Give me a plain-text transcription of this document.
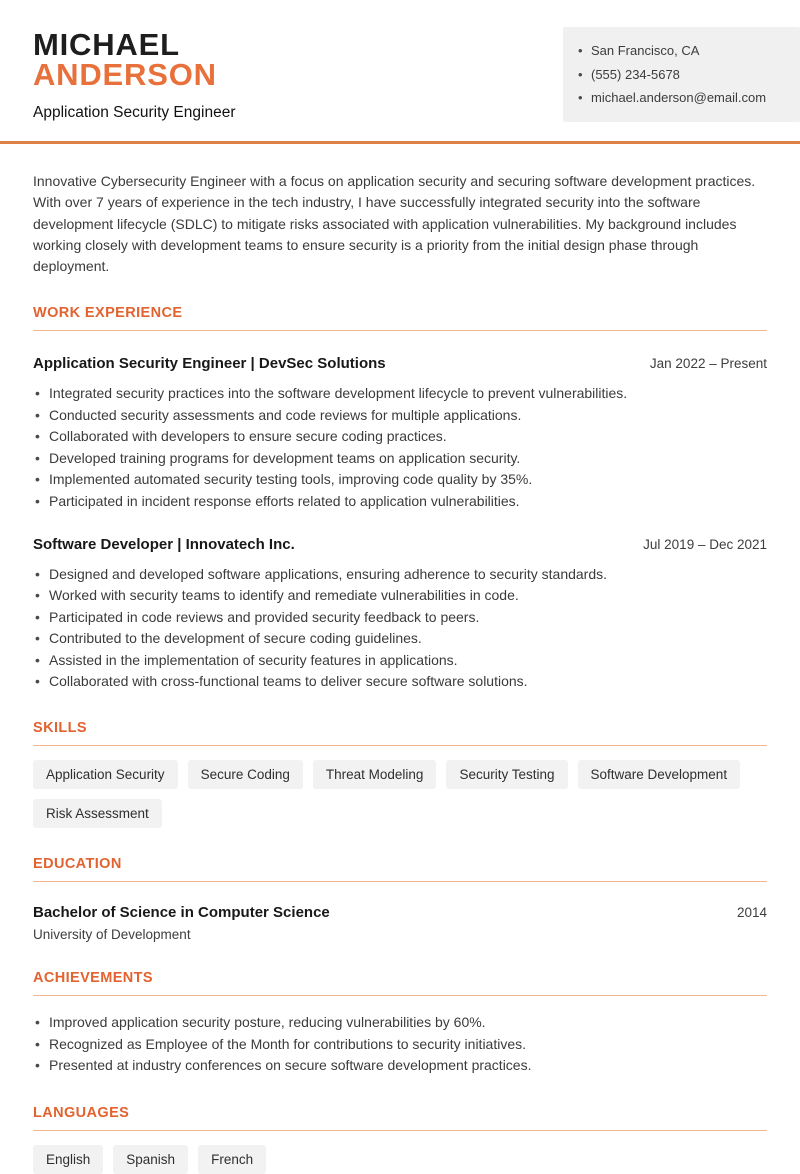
MICHAEL
ANDERSON
Application Security Engineer
• San Francisco, CA
• (555) 234-5678
• michael.anderson@email.com

Innovative Cybersecurity Engineer with a focus on application security and securing software development practices. With over 7 years of experience in the tech industry, I have successfully integrated security into the software development lifecycle (SDLC) to mitigate risks associated with application vulnerabilities. My background includes working closely with development teams to ensure security is a priority from the initial design phase through deployment.

WORK EXPERIENCE
Application Security Engineer | DevSec Solutions	Jan 2022 – Present
• Integrated security practices into the software development lifecycle to prevent vulnerabilities.
• Conducted security assessments and code reviews for multiple applications.
• Collaborated with developers to ensure secure coding practices.
• Developed training programs for development teams on application security.
• Implemented automated security testing tools, improving code quality by 35%.
• Participated in incident response efforts related to application vulnerabilities.
Software Developer | Innovatech Inc.	Jul 2019 – Dec 2021
• Designed and developed software applications, ensuring adherence to security standards.
• Worked with security teams to identify and remediate vulnerabilities in code.
• Participated in code reviews and provided security feedback to peers.
• Contributed to the development of secure coding guidelines.
• Assisted in the implementation of security features in applications.
• Collaborated with cross-functional teams to deliver secure software solutions.
SKILLS
Application Security	Secure Coding	Threat Modeling	Security Testing	Software Development
Risk Assessment
EDUCATION
Bachelor of Science in Computer Science	2014
University of Development
ACHIEVEMENTS
• Improved application security posture, reducing vulnerabilities by 60%.
• Recognized as Employee of the Month for contributions to security initiatives.
• Presented at industry conferences on secure software development practices.
LANGUAGES
English	Spanish	French
